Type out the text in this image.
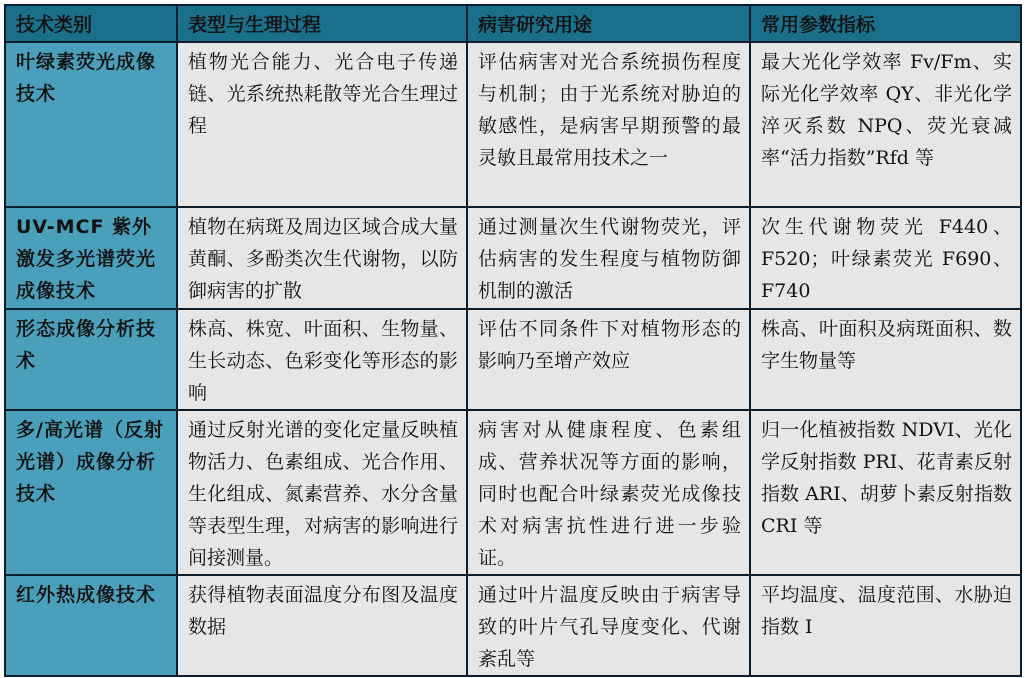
技术类别	表型与生理过程	病害研究用途	常用参数指标
叶绿素荧光成像技术	植物光合能力、光合电子传递链、光系统热耗散等光合生理过程	评估病害对光合系统损伤程度与机制；由于光系统对胁迫的敏感性，是病害早期预警的最灵敏且最常用技术之一	最大光化学效率 Fv/Fm、实际光化学效率 QY、非光化学淬灭系数 NPQ、荧光衰减率“活力指数”Rfd 等
UV-MCF 紫外激发多光谱荧光成像技术	植物在病斑及周边区域合成大量黄酮、多酚类次生代谢物，以防御病害的扩散	通过测量次生代谢物荧光，评估病害的发生程度与植物防御机制的激活	次生代谢物荧光 F440、F520；叶绿素荧光 F690、F740
形态成像分析技术	株高、株宽、叶面积、生物量、生长动态、色彩变化等形态的影响	评估不同条件下对植物形态的影响乃至增产效应	株高、叶面积及病斑面积、数字生物量等
多/高光谱（反射光谱）成像分析技术	通过反射光谱的变化定量反映植物活力、色素组成、光合作用、生化组成、氮素营养、水分含量等表型生理，对病害的影响进行间接测量。	病害对从健康程度、色素组成、营养状况等方面的影响，同时也配合叶绿素荧光成像技术对病害抗性进行进一步验证。	归一化植被指数 NDVI、光化学反射指数 PRI、花青素反射指数 ARI、胡萝卜素反射指数 CRI 等
红外热成像技术	获得植物表面温度分布图及温度数据	通过叶片温度反映由于病害导致的叶片气孔导度变化、代谢紊乱等	平均温度、温度范围、水胁迫指数 I
